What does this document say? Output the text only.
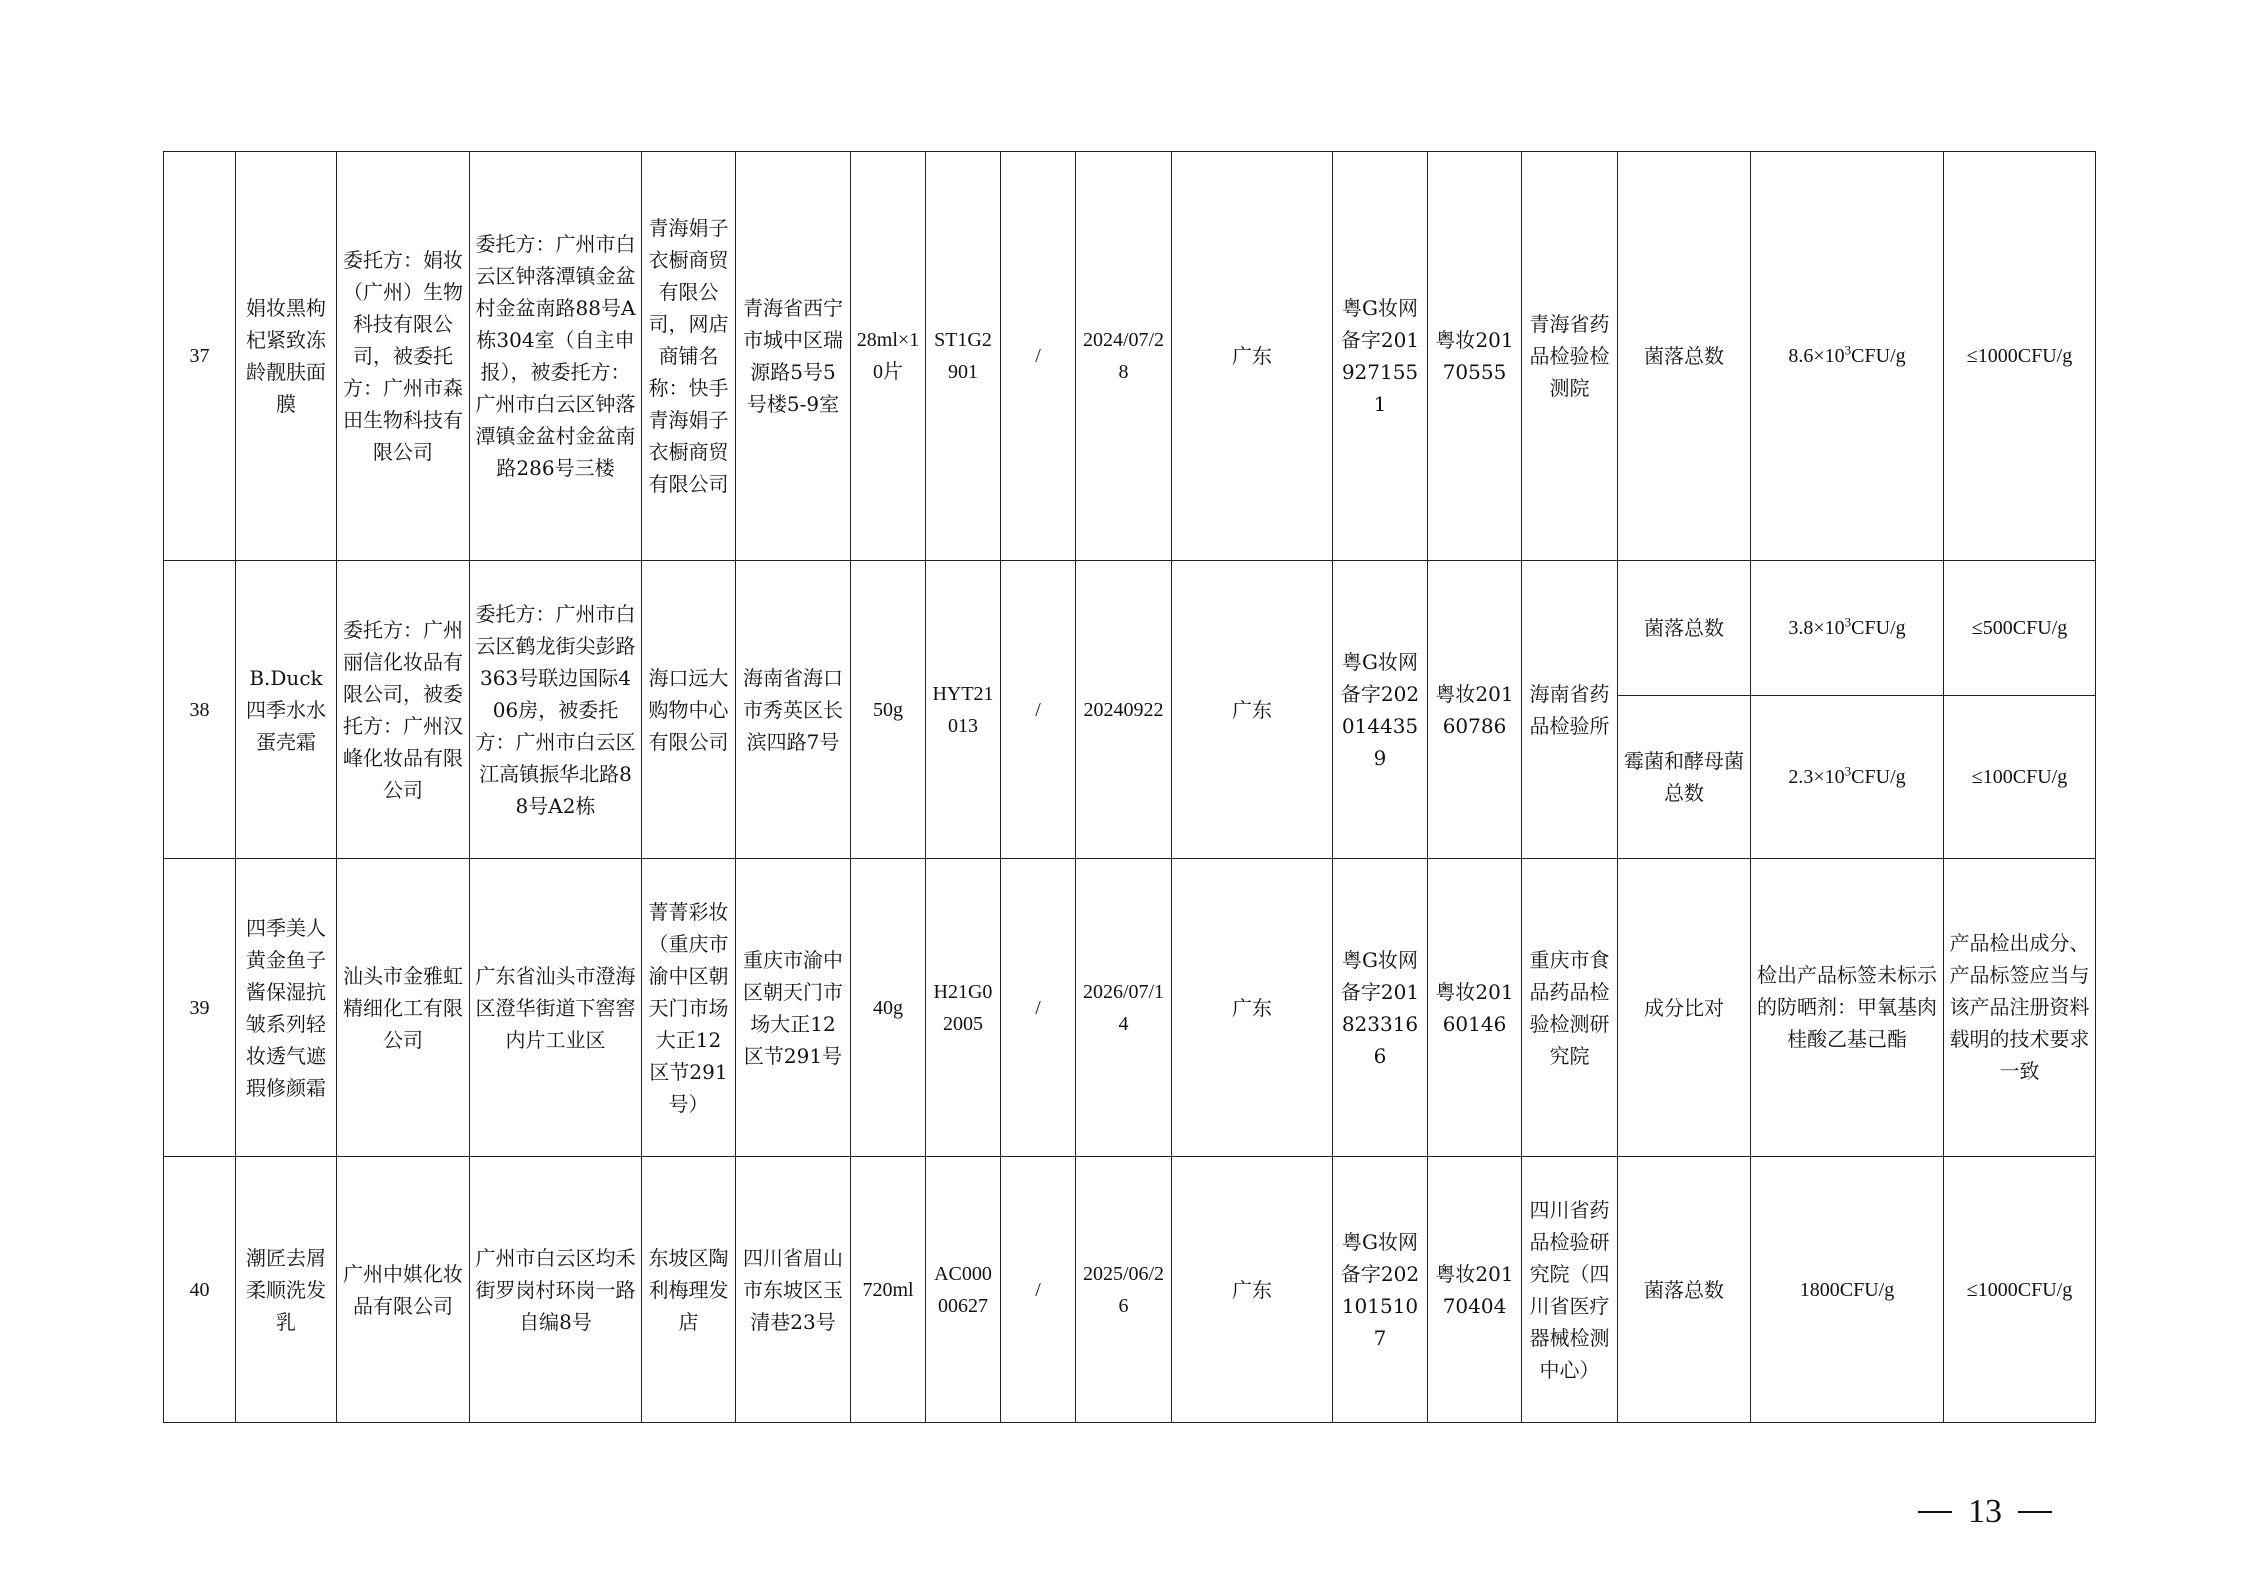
37	娟妆黑枸杞紧致冻龄靓肤面膜	委托方：娟妆（广州）生物科技有限公司，被委托方：广州市森田生物科技有限公司	委托方：广州市白云区钟落潭镇金盆村金盆南路88号A栋304室（自主申报），被委托方：广州市白云区钟落潭镇金盆村金盆南路286号三楼	青海娟子衣橱商贸有限公司，网店商铺名称：快手青海娟子衣橱商贸有限公司	青海省西宁市城中区瑞源路5号5号楼5-9室	28ml×10片	ST1G2901	/	2024/07/28	广东	粤G妆网备字2019271551	粤妆20170555	青海省药品检验检测院	菌落总数	$8.6\times 10^3CFU/g$	≤1000CFU/g

38	B.Duck四季水水蛋壳霜	委托方：广州丽信化妆品有限公司，被委托方：广州汉峰化妆品有限公司	委托方：广州市白云区鹤龙街尖彭路363号联边国际406房，被委托方：广州市白云区江高镇振华北路88号A2栋	海口远大购物中心有限公司	海南省海口市秀英区长滨四路7号	50g	HYT21013	/	20240922	广东	粤G妆网备字2020144359	粤妆20160786	海南省药品检验所	菌落总数	$3.8\times 10^3CFU/g$	≤500CFU/g

														霉菌和酵母菌总数	$2.3\times 10^3CFU/g$	≤100CFU/g

39	四季美人黄金鱼子酱保湿抗皱系列轻妆透气遮瑕修颜霜	汕头市金雅虹精细化工有限公司	广东省汕头市澄海区澄华街道下窖窖内片工业区	菁菁彩妆（重庆市渝中区朝天门市场大正12区节291号）	重庆市渝中区朝天门市场大正12区节291号	40g	H21G02005	/	2026/07/14	广东	粤G妆网备字2018233166	粤妆20160146	重庆市食品药品检验检测研究院	成分比对	检出产品标签未标示的防晒剂：甲氧基肉桂酸乙基己酯	产品检出成分、产品标签应当与该产品注册资料载明的技术要求一致

40	潮匠去屑柔顺洗发乳	广州中娸化妆品有限公司	广州市白云区均禾街罗岗村环岗一路自编8号	东坡区陶利梅理发店	四川省眉山市东坡区玉清巷23号	720ml	AC00000627	/	2025/06/26	广东	粤G妆网备字2021015107	粤妆20170404	四川省药品检验研究院（四川省医疗器械检测中心）	菌落总数	1800CFU/g	≤1000CFU/g
13
